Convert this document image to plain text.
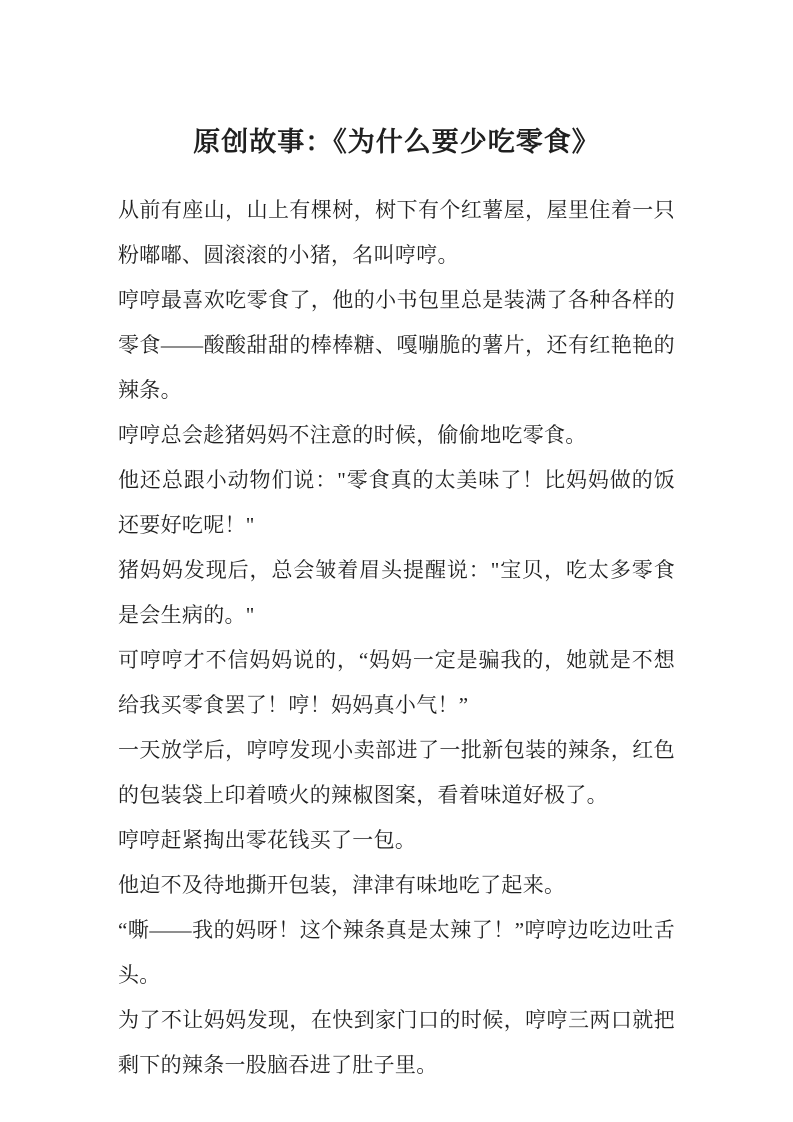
原创故事：《为什么要少吃零食》

从前有座山，山上有棵树，树下有个红薯屋，屋里住着一只粉嘟嘟、圆滚滚的小猪，名叫哼哼。

哼哼最喜欢吃零食了，他的小书包里总是装满了各种各样的零食——酸酸甜甜的棒棒糖、嘎嘣脆的薯片，还有红艳艳的辣条。

哼哼总会趁猪妈妈不注意的时候，偷偷地吃零食。

他还总跟小动物们说："零食真的太美味了！比妈妈做的饭还要好吃呢！"

猪妈妈发现后，总会皱着眉头提醒说："宝贝，吃太多零食是会生病的。"

可哼哼才不信妈妈说的，“妈妈一定是骗我的，她就是不想给我买零食罢了！哼！妈妈真小气！”

一天放学后，哼哼发现小卖部进了一批新包装的辣条，红色的包装袋上印着喷火的辣椒图案，看着味道好极了。

哼哼赶紧掏出零花钱买了一包。

他迫不及待地撕开包装，津津有味地吃了起来。

“嘶——我的妈呀！这个辣条真是太辣了！”哼哼边吃边吐舌头。

为了不让妈妈发现，在快到家门口的时候，哼哼三两口就把剩下的辣条一股脑吞进了肚子里。
